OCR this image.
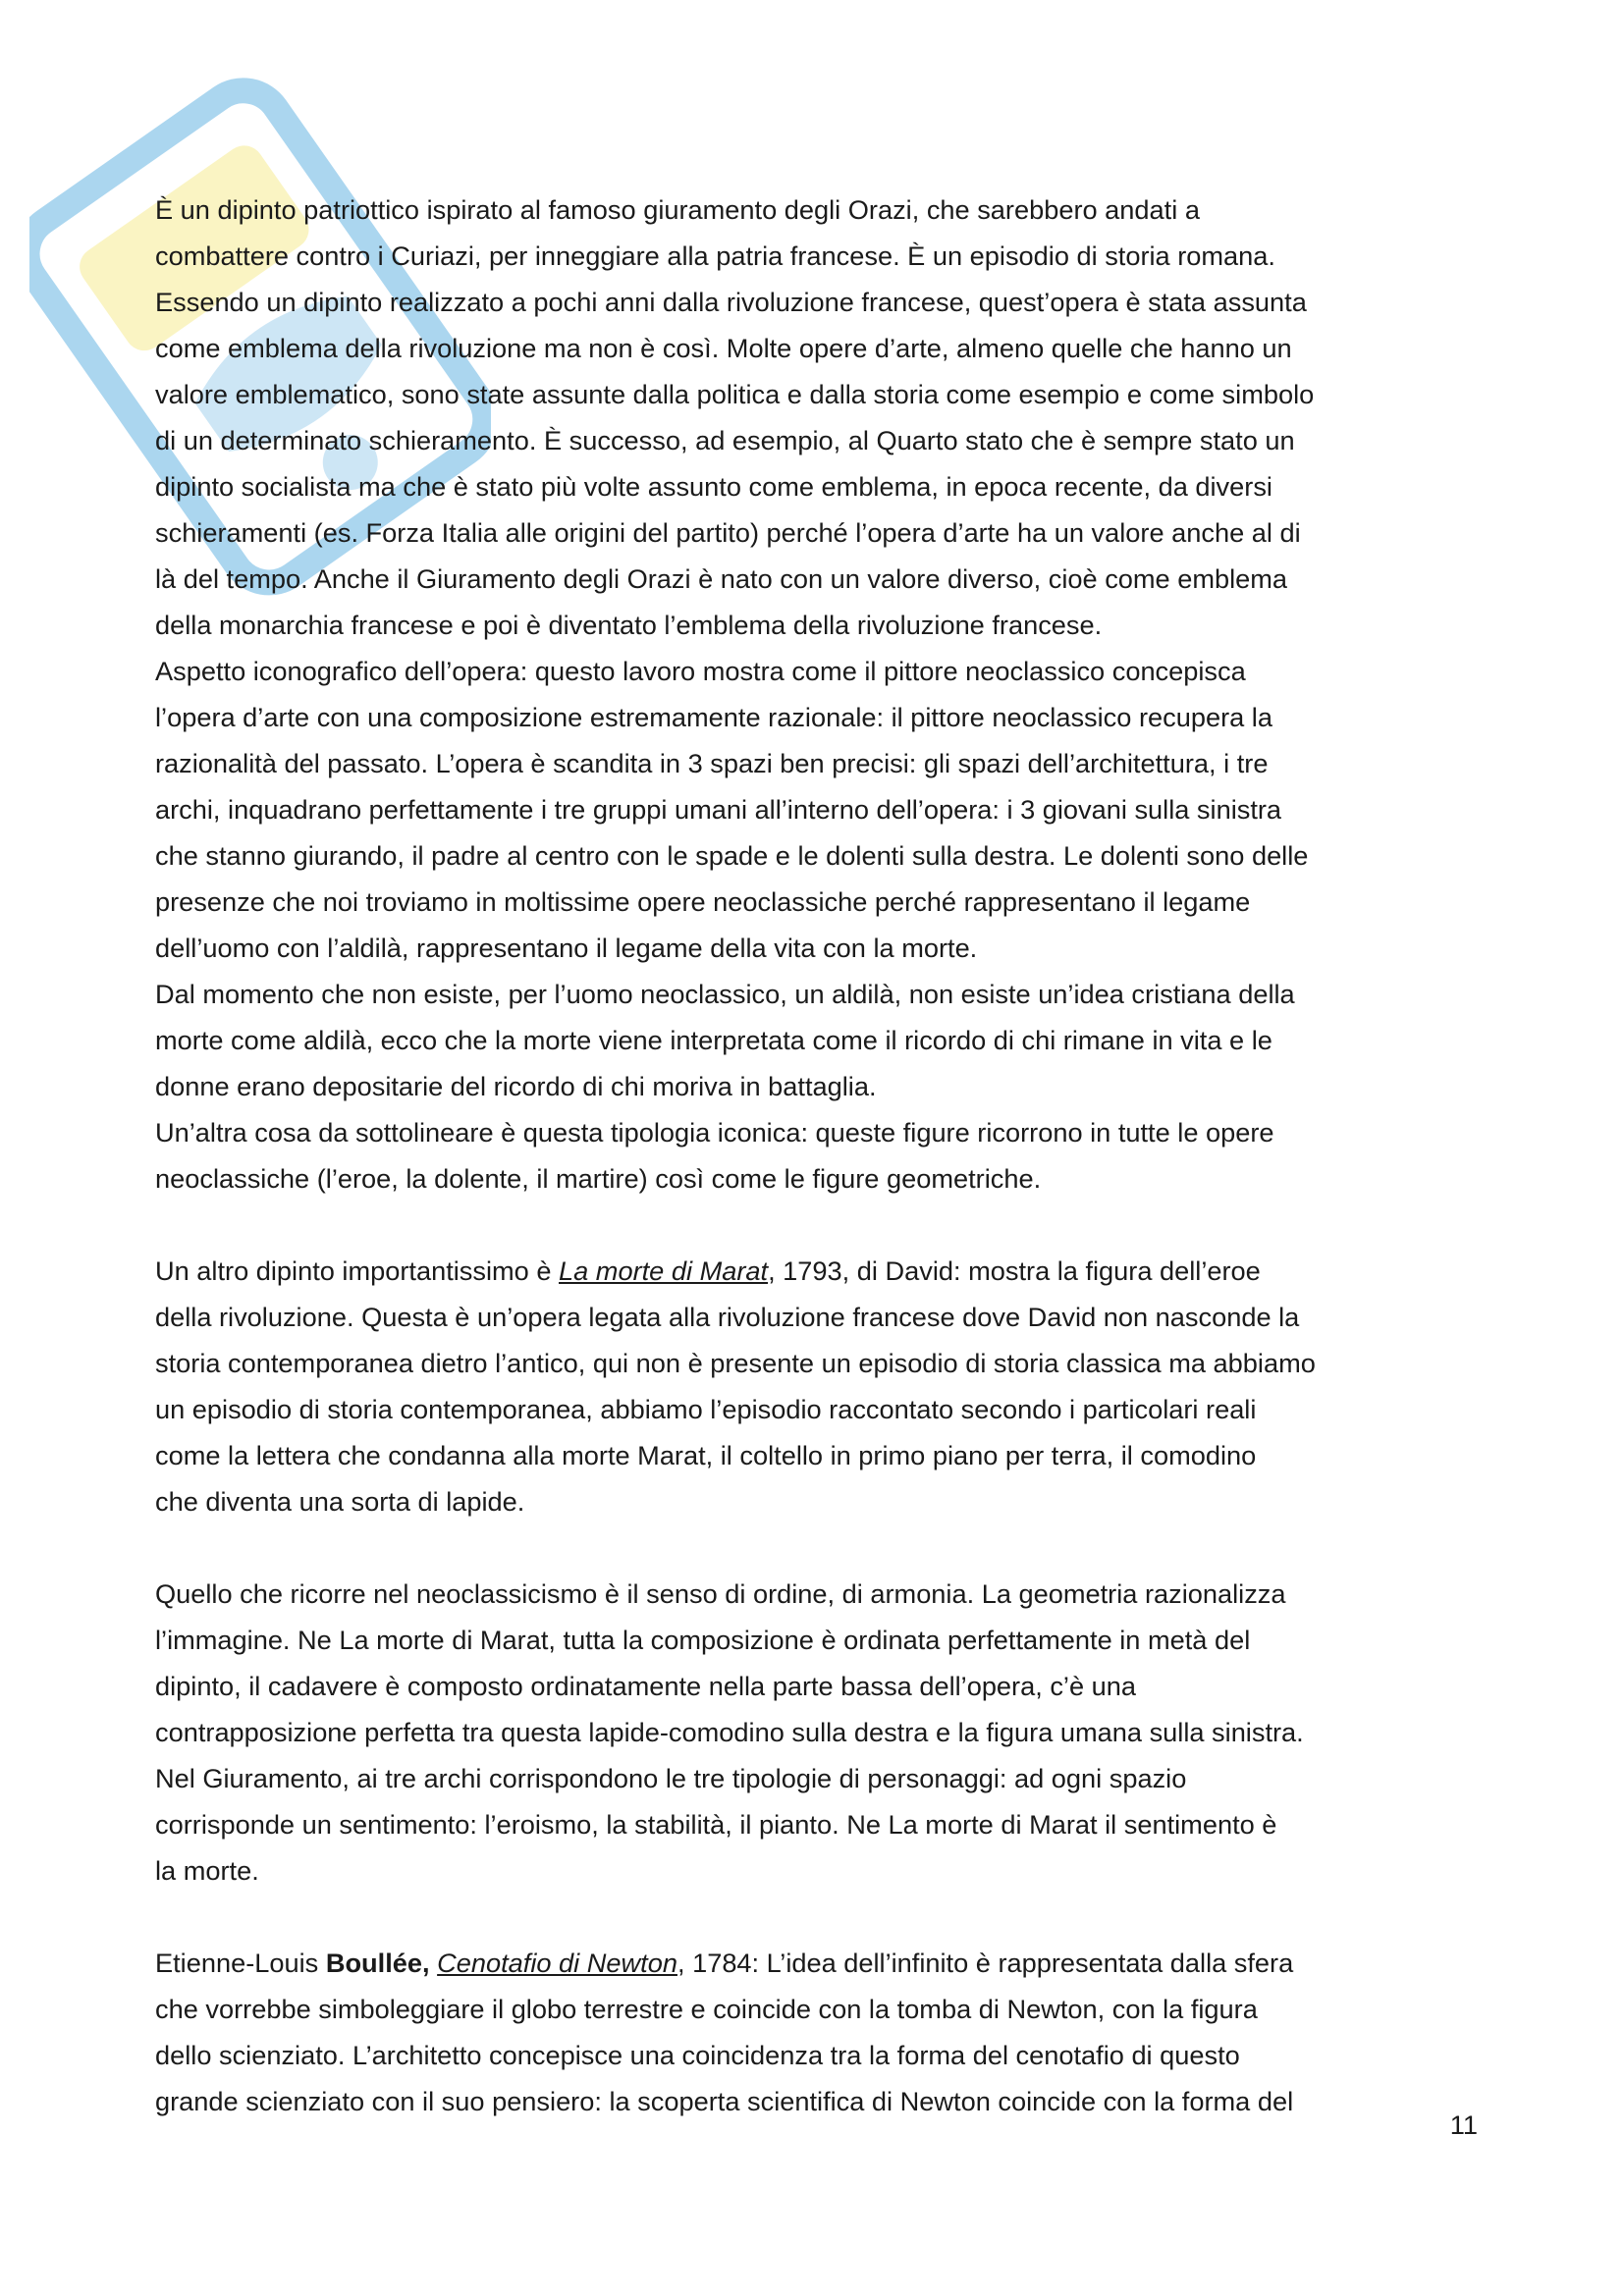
È un dipinto patriottico ispirato al famoso giuramento degli Orazi, che sarebbero andati a
combattere contro i Curiazi, per inneggiare alla patria francese. È un episodio di storia romana.
Essendo un dipinto realizzato a pochi anni dalla rivoluzione francese, quest’opera è stata assunta
come emblema della rivoluzione ma non è così. Molte opere d’arte, almeno quelle che hanno un
valore emblematico, sono state assunte dalla politica e dalla storia come esempio e come simbolo
di un determinato schieramento. È successo, ad esempio, al Quarto stato che è sempre stato un
dipinto socialista ma che è stato più volte assunto come emblema, in epoca recente, da diversi
schieramenti (es. Forza Italia alle origini del partito) perché l’opera d’arte ha un valore anche al di
là del tempo. Anche il Giuramento degli Orazi è nato con un valore diverso, cioè come emblema
della monarchia francese e poi è diventato l’emblema della rivoluzione francese.

Aspetto iconografico dell’opera: questo lavoro mostra come il pittore neoclassico concepisca
l’opera d’arte con una composizione estremamente razionale: il pittore neoclassico recupera la
razionalità del passato. L’opera è scandita in 3 spazi ben precisi: gli spazi dell’architettura, i tre
archi, inquadrano perfettamente i tre gruppi umani all’interno dell’opera: i 3 giovani sulla sinistra
che stanno giurando, il padre al centro con le spade e le dolenti sulla destra. Le dolenti sono delle
presenze che noi troviamo in moltissime opere neoclassiche perché rappresentano il legame
dell’uomo con l’aldilà, rappresentano il legame della vita con la morte.

Dal momento che non esiste, per l’uomo neoclassico, un aldilà, non esiste un’idea cristiana della
morte come aldilà, ecco che la morte viene interpretata come il ricordo di chi rimane in vita e le
donne erano depositarie del ricordo di chi moriva in battaglia.

Un’altra cosa da sottolineare è questa tipologia iconica: queste figure ricorrono in tutte le opere
neoclassiche (l’eroe, la dolente, il martire) così come le figure geometriche.

Un altro dipinto importantissimo è La morte di Marat, 1793, di David: mostra la figura dell’eroe
della rivoluzione. Questa è un’opera legata alla rivoluzione francese dove David non nasconde la
storia contemporanea dietro l’antico, qui non è presente un episodio di storia classica ma abbiamo
un episodio di storia contemporanea, abbiamo l’episodio raccontato secondo i particolari reali
come la lettera che condanna alla morte Marat, il coltello in primo piano per terra, il comodino
che diventa una sorta di lapide.

Quello che ricorre nel neoclassicismo è il senso di ordine, di armonia. La geometria razionalizza
l’immagine. Ne La morte di Marat, tutta la composizione è ordinata perfettamente in metà del
dipinto, il cadavere è composto ordinatamente nella parte bassa dell’opera, c’è una
contrapposizione perfetta tra questa lapide-comodino sulla destra e la figura umana sulla sinistra.
Nel Giuramento, ai tre archi corrispondono le tre tipologie di personaggi: ad ogni spazio
corrisponde un sentimento: l’eroismo, la stabilità, il pianto. Ne La morte di Marat il sentimento è
la morte.

Etienne-Louis Boullée, Cenotafio di Newton, 1784: L’idea dell’infinito è rappresentata dalla sfera
che vorrebbe simboleggiare il globo terrestre e coincide con la tomba di Newton, con la figura
dello scienziato. L’architetto concepisce una coincidenza tra la forma del cenotafio di questo
grande scienziato con il suo pensiero: la scoperta scientifica di Newton coincide con la forma del

11
